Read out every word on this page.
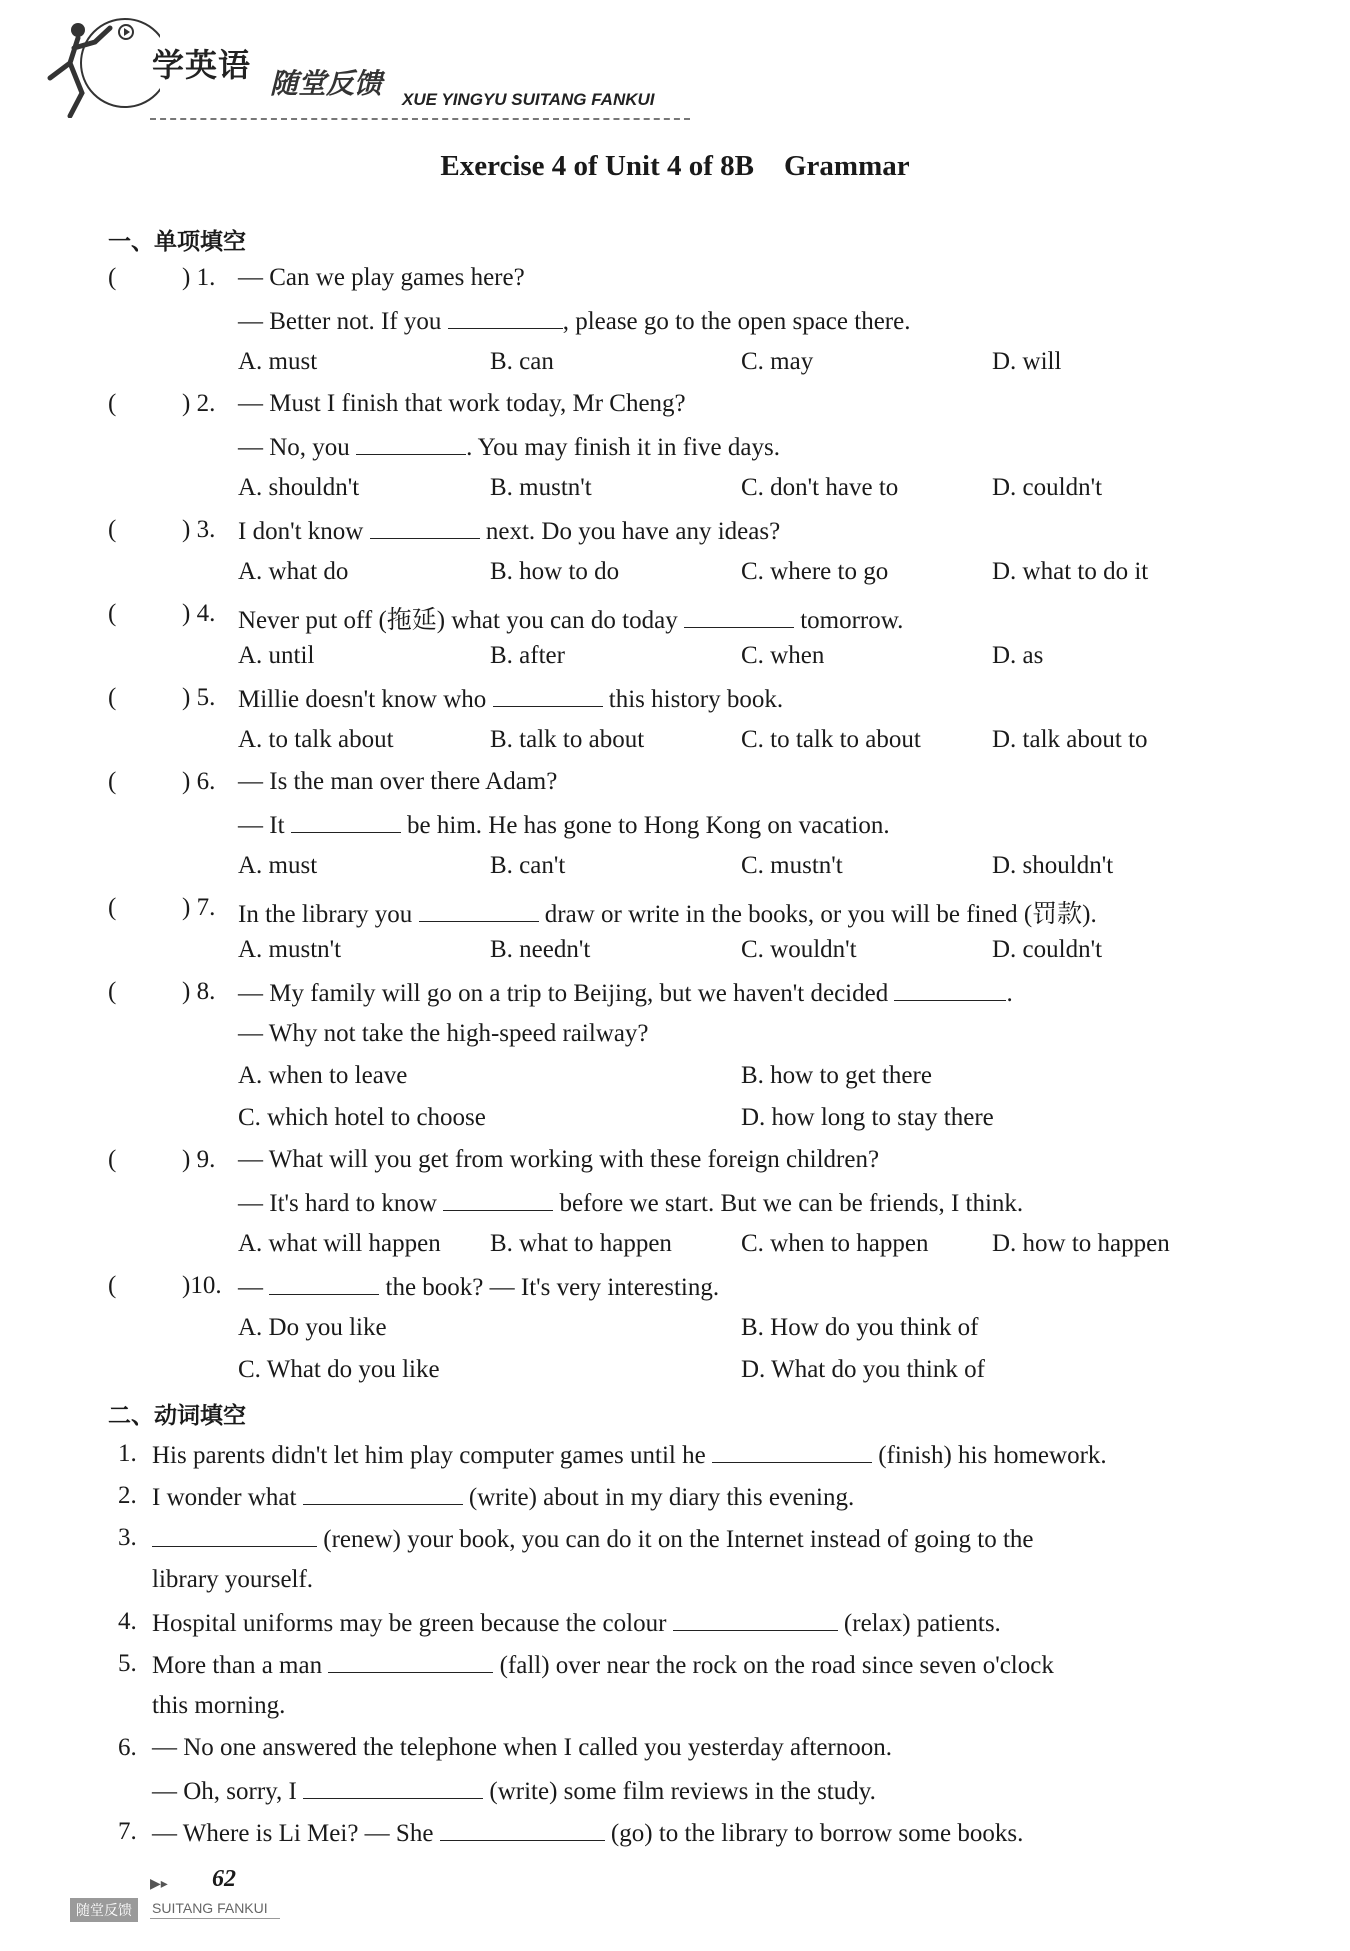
学英语 随堂反馈 XUE YINGYU SUITANG FANKUI
Exercise 4 of Unit 4 of 8B Grammar
一、单项填空
(	) 1. — Can we play games here?
— Better not. If you	, please go to the open space there.
A. must	B. can	C. may	D. will
(	) 2. — Must I finish that work today, Mr Cheng?
— No, you	. You may finish it in five days.
A. shouldn't	B. mustn't	C. don't have to	D. couldn't
(	) 3. I don't know	next. Do you have any ideas?
A. what do	B. how to do	C. where to go	D. what to do it
(	) 4. Never put off (拖延) what you can do today	tomorrow.
A. until	B. after	C. when	D. as
(	) 5. Millie doesn't know who	this history book.
A. to talk about	B. talk to about	C. to talk to about	D. talk about to
(	) 6. — Is the man over there Adam?
— It	be him. He has gone to Hong Kong on vacation.
A. must	B. can't	C. mustn't	D. shouldn't
(	) 7. In the library you	draw or write in the books, or you will be fined (罚款).
A. mustn't	B. needn't	C. wouldn't	D. couldn't
(	) 8. — My family will go on a trip to Beijing, but we haven't decided	.
— Why not take the high-speed railway?
A. when to leave	B. how to get there
C. which hotel to choose	D. how long to stay there
(	) 9. — What will you get from working with these foreign children?
— It's hard to know	before we start. But we can be friends, I think.
A. what will happen B. what to happen	C. when to happen	D. how to happen
(	)10. —	the book? — It's very interesting.
A. Do you like	B. How do you think of
C. What do you like	D. What do you think of
二、动词填空
1. His parents didn't let him play computer games until he	(finish) his homework.
2. I wonder what	(write) about in my diary this evening.
3.	(renew) your book, you can do it on the Internet instead of going to the
library yourself.
4. Hospital uniforms may be green because the colour	(relax) patients.
5. More than a man	(fall) over near the rock on the road since seven o'clock
this morning.
6. — No one answered the telephone when I called you yesterday afternoon.
— Oh, sorry, I	(write) some film reviews in the study.
7. — Where is Li Mei? — She	(go) to the library to borrow some books.
▶▸ 62
随堂反馈	SUITANG FANKUI
